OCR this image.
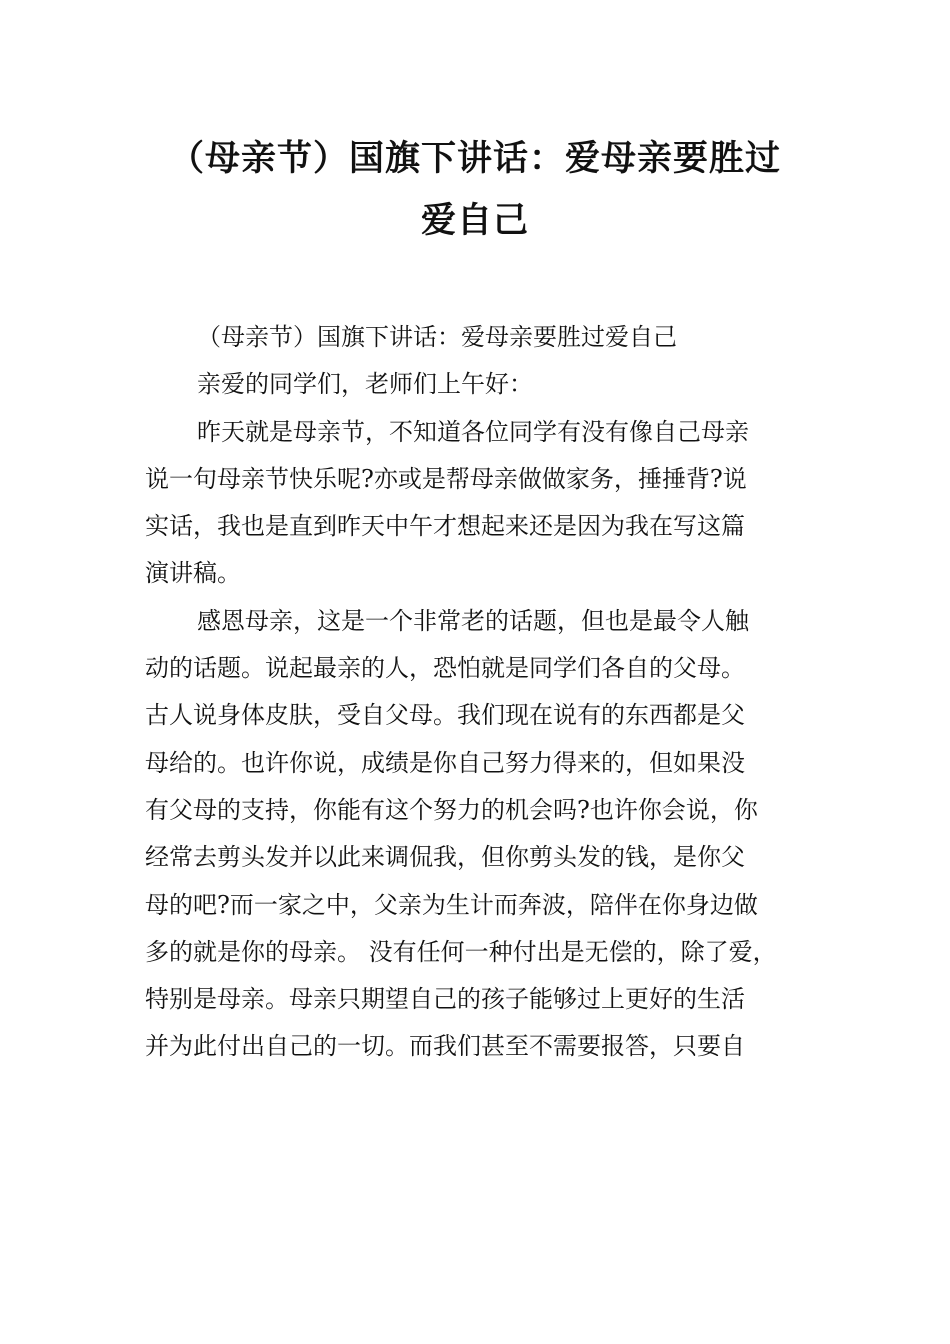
（母亲节）国旗下讲话：爱母亲要胜过
爱自己
（母亲节）国旗下讲话：爱母亲要胜过爱自己
亲爱的同学们，老师们上午好：
昨天就是母亲节，不知道各位同学有没有像自己母亲
说一句母亲节快乐呢?亦或是帮母亲做做家务，捶捶背?说
实话，我也是直到昨天中午才想起来还是因为我在写这篇
演讲稿。
感恩母亲，这是一个非常老的话题，但也是最令人触
动的话题。说起最亲的人，恐怕就是同学们各自的父母。
古人说身体皮肤，受自父母。我们现在说有的东西都是父
母给的。也许你说，成绩是你自己努力得来的，但如果没
有父母的支持，你能有这个努力的机会吗?也许你会说，你
经常去剪头发并以此来调侃我，但你剪头发的钱，是你父
母的吧?而一家之中，父亲为生计而奔波，陪伴在你身边做
多的就是你的母亲。 没有任何一种付出是无偿的，除了爱，
特别是母亲。母亲只期望自己的孩子能够过上更好的生活
并为此付出自己的一切。而我们甚至不需要报答，只要自
